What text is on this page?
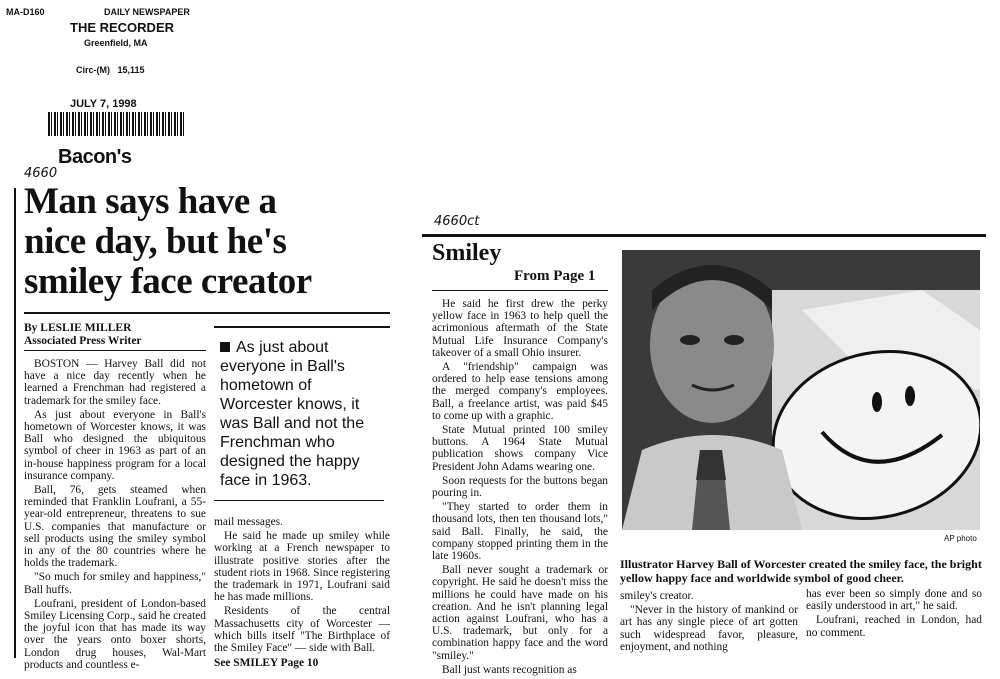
MA-D160	DAILY NEWSPAPER
THE RECORDER
Greenfield, MA
Circ-(M)   15,115
JULY 7, 1998
Bacon's
4660
Man says have a
nice day, but he's
smiley face creator
By LESLIE MILLER
Associated Press Writer

BOSTON — Harvey Ball did not have a nice day recently when he learned a Frenchman had registered a trademark for the smiley face.

As just about everyone in Ball's hometown of Worcester knows, it was Ball who designed the ubiquitous symbol of cheer in 1963 as part of an in-house happiness program for a local insurance company.

Ball, 76, gets steamed when reminded that Franklin Loufrani, a 55-year-old entrepreneur, threatens to sue U.S. companies that manufacture or sell products using the smiley symbol in any of the 80 countries where he holds the trademark.

"So much for smiley and happiness," Ball huffs.

Loufrani, president of London-based Smiley Licensing Corp., said he created the joyful icon that has made its way over the years onto boxer shorts, London drug houses, Wal-Mart products and countless e-

As just about everyone in Ball's hometown of Worcester knows, it was Ball and not the Frenchman who designed the happy face in 1963.
mail messages.

He said he made up smiley while working at a French newspaper to illustrate positive stories after the student riots in 1968. Since registering the trademark in 1971, Loufrani said he has made millions.

Residents of the central Massachusetts city of Worcester — which bills itself "The Birthplace of the Smiley Face" — side with Ball.

See SMILEY Page 10
4660ct
Smiley
From Page 1

He said he first drew the perky yellow face in 1963 to help quell the acrimonious aftermath of the State Mutual Life Insurance Company's takeover of a small Ohio insurer.

A "friendship" campaign was ordered to help ease tensions among the merged company's employees. Ball, a freelance artist, was paid $45 to come up with a graphic.

State Mutual printed 100 smiley buttons. A 1964 State Mutual publication shows company Vice President John Adams wearing one.

Soon requests for the buttons began pouring in.

"They started to order them in thousand lots, then ten thousand lots," said Ball. Finally, he said, the company stopped printing them in the late 1960s.

Ball never sought a trademark or copyright. He said he doesn't miss the millions he could have made on his creation. And he isn't planning legal action against Loufrani, who has a U.S. trademark, but only for a combination happy face and the word "smiley."

Ball just wants recognition as

AP photo
Illustrator Harvey Ball of Worcester created the smiley face, the bright yellow happy face and worldwide symbol of good cheer.
smiley's creator.

"Never in the history of mankind or art has any single piece of art gotten such widespread favor, pleasure, enjoyment, and nothing

has ever been so simply done and so easily understood in art," he said.

Loufrani, reached in London, had no comment.
